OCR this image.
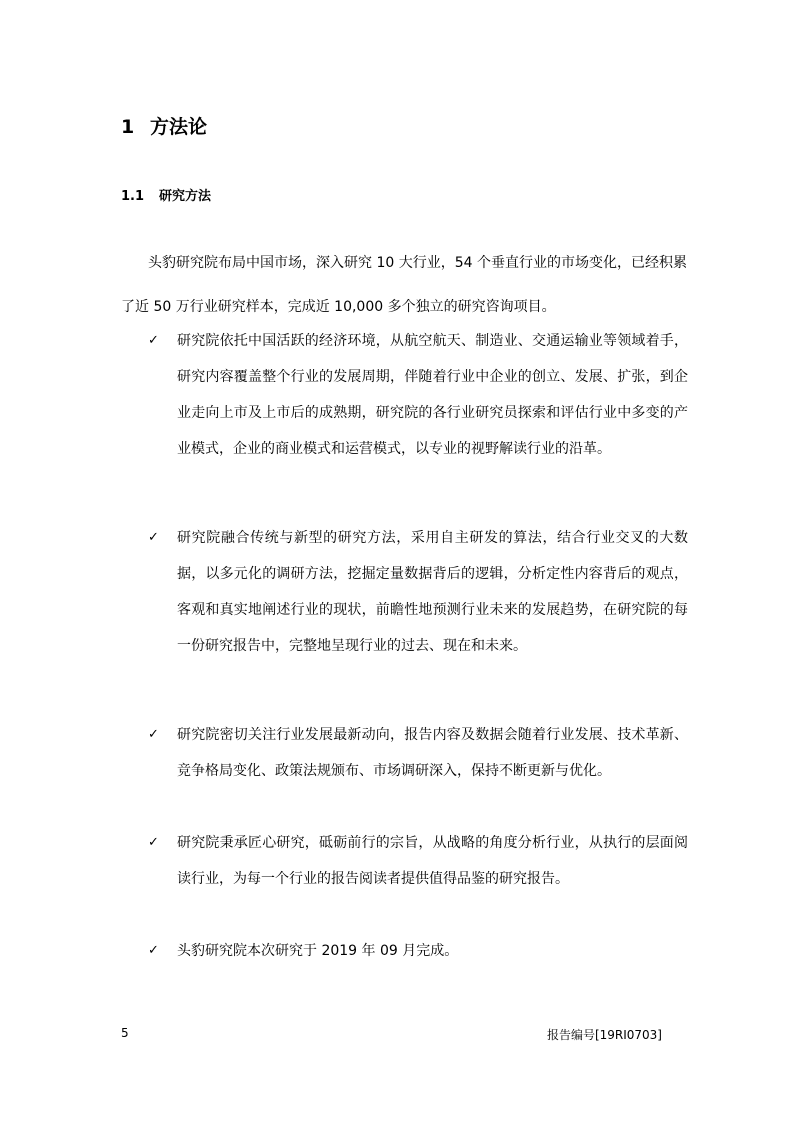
1 方法论
1.1 研究方法

头豹研究院布局中国市场，深入研究 10 大行业，54 个垂直行业的市场变化，已经积累了近 50 万行业研究样本，完成近 10,000 多个独立的研究咨询项目。

✓ 研究院依托中国活跃的经济环境，从航空航天、制造业、交通运输业等领域着手，研究内容覆盖整个行业的发展周期，伴随着行业中企业的创立、发展、扩张，到企业走向上市及上市后的成熟期，研究院的各行业研究员探索和评估行业中多变的产业模式，企业的商业模式和运营模式，以专业的视野解读行业的沿革。
✓ 研究院融合传统与新型的研究方法，采用自主研发的算法，结合行业交叉的大数据，以多元化的调研方法，挖掘定量数据背后的逻辑，分析定性内容背后的观点，客观和真实地阐述行业的现状，前瞻性地预测行业未来的发展趋势，在研究院的每一份研究报告中，完整地呈现行业的过去、现在和未来。
✓ 研究院密切关注行业发展最新动向，报告内容及数据会随着行业发展、技术革新、竞争格局变化、政策法规颁布、市场调研深入，保持不断更新与优化。
✓ 研究院秉承匠心研究，砥砺前行的宗旨，从战略的角度分析行业，从执行的层面阅读行业，为每一个行业的报告阅读者提供值得品鉴的研究报告。
✓ 头豹研究院本次研究于 2019 年 09 月完成。
5	报告编号[19RI0703]
